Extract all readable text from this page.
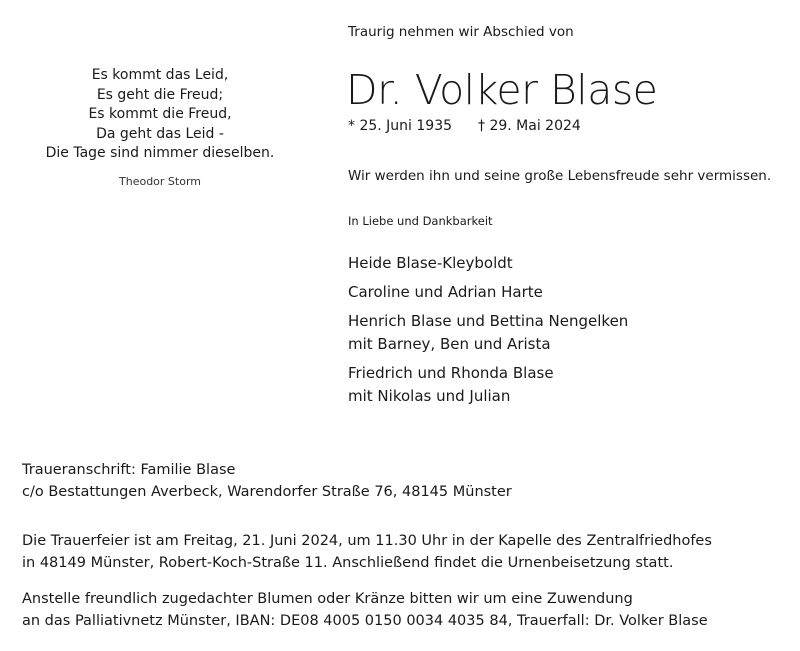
Es kommt das Leid,
Es geht die Freud;
Es kommt die Freud,
Da geht das Leid -
Die Tage sind nimmer dieselben.
Theodor Storm
Traurig nehmen wir Abschied von
Dr. Volker Blase
* 25. Juni 1935 † 29. Mai 2024
Wir werden ihn und seine große Lebensfreude sehr vermissen.
In Liebe und Dankbarkeit
Heide Blase-Kleyboldt
Caroline und Adrian Harte
Henrich Blase und Bettina Nengelken
mit Barney, Ben und Arista
Friedrich und Rhonda Blase
mit Nikolas und Julian
Traueranschrift: Familie Blase
c/o Bestattungen Averbeck, Warendorfer Straße 76, 48145 Münster
Die Trauerfeier ist am Freitag, 21. Juni 2024, um 11.30 Uhr in der Kapelle des Zentralfriedhofes
in 48149 Münster, Robert-Koch-Straße 11. Anschließend findet die Urnenbeisetzung statt.
Anstelle freundlich zugedachter Blumen oder Kränze bitten wir um eine Zuwendung
an das Palliativnetz Münster, IBAN: DE08 4005 0150 0034 4035 84, Trauerfall: Dr. Volker Blase
